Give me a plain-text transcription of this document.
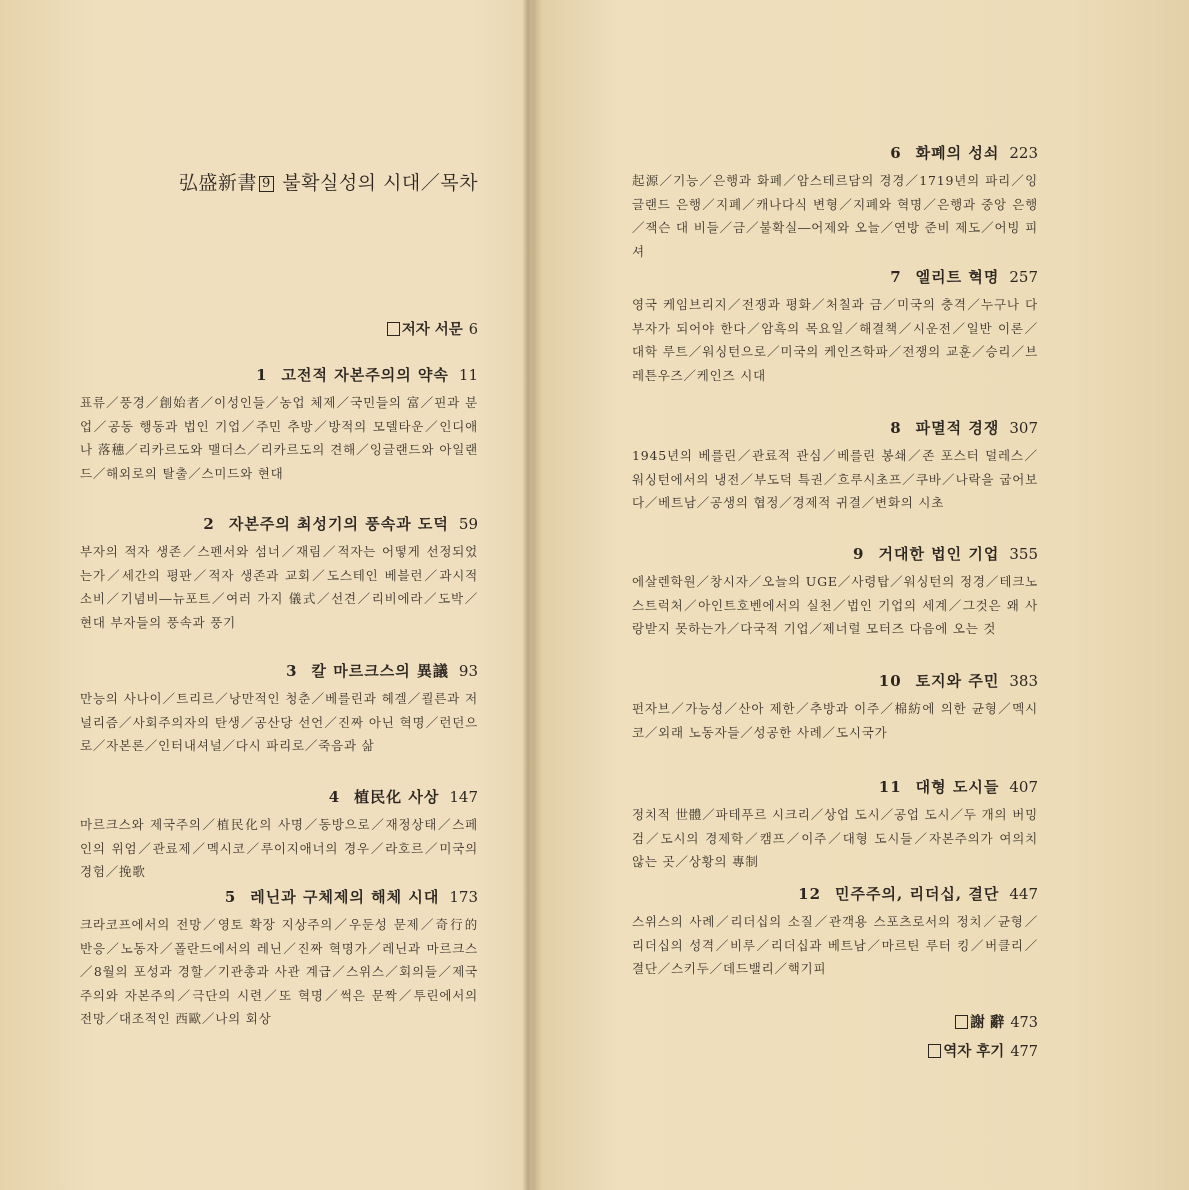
弘盛新書 9 불확실성의 시대／목차
저자 서문 6
1 고전적 자본주의의 약속 11
표류／풍경／創始者／이성인들／농업 체제／국민들의 富／핀과 분업／공동 행동과 법인 기업／주민 추방／방적의 모델타운／인디애나 落穗／리카르도와 맬더스／리카르도의 견해／잉글랜드와 아일랜드／해외로의 탈출／스미드와 현대
2 자본주의 최성기의 풍속과 도덕 59
부자의 적자 생존／스펜서와 섬너／재림／적자는 어떻게 선정되었는가／세간의 평판／적자 생존과 교회／도스테인 베블런／과시적 소비／기념비―뉴포트／여러 가지 儀式／선견／리비에라／도박／현대 부자들의 풍속과 풍기
3 칼 마르크스의 異議 93
만능의 사나이／트리르／낭만적인 청춘／베를린과 헤겔／쾰른과 저널리즘／사회주의자의 탄생／공산당 선언／진짜 아닌 혁명／런던으로／자본론／인터내셔널／다시 파리로／죽음과 삶
4 植民化 사상 147
마르크스와 제국주의／植民化의 사명／동방으로／재정상태／스페인의 위엄／관료제／멕시코／루이지애너의 경우／라호르／미국의 경험／挽歌
5 레닌과 구체제의 해체 시대 173
크라코프에서의 전망／영토 확장 지상주의／우둔성 문제／奇行的 반응／노동자／폴란드에서의 레닌／진짜 혁명가／레닌과 마르크스／8월의 포성과 경할／기관총과 사관 계급／스위스／회의들／제국주의와 자본주의／극단의 시련／또 혁명／썩은 문짝／투린에서의 전망／대조적인 西歐／나의 회상
6 화폐의 성쇠 223
起源／기능／은행과 화폐／암스테르담의 경경／1719년의 파리／잉글랜드 은행／지폐／캐나다식 변형／지폐와 혁명／은행과 중앙 은행／잭슨 대 비들／금／불확실―어제와 오늘／연방 준비 제도／어빙 피셔
7 엘리트 혁명 257
영국 케임브리지／전쟁과 평화／처칠과 금／미국의 충격／누구나 다 부자가 되어야 한다／암흑의 목요일／해결책／시운전／일반 이론／대학 루트／워싱턴으로／미국의 케인즈학파／전쟁의 교훈／승리／브레튼우즈／케인즈 시대
8 파멸적 경쟁 307
1945년의 베를린／관료적 관심／베를린 봉쇄／존 포스터 덜레스／워싱턴에서의 냉전／부도덕 특권／흐루시초프／쿠바／나락을 굽어보다／베트남／공생의 협정／경제적 귀결／변화의 시초
9 거대한 법인 기업 355
에살렌학원／창시자／오늘의 UGE／사령탑／워싱턴의 정경／테크노스트럭처／아인트호벤에서의 실천／법인 기업의 세계／그것은 왜 사랑받지 못하는가／다국적 기업／제너럴 모터즈 다음에 오는 것
10 토지와 주민 383
펀자브／가능성／산아 제한／추방과 이주／棉紡에 의한 균형／멕시코／외래 노동자들／성공한 사례／도시국가
11 대형 도시들 407
정치적 世體／파테푸르 시크리／상업 도시／공업 도시／두 개의 버밍검／도시의 경제학／캠프／이주／대형 도시들／자본주의가 여의치 않는 곳／상황의 專制
12 민주주의, 리더십, 결단 447
스위스의 사례／리더십의 소질／관객용 스포츠로서의 정치／균형／리더십의 성격／비루／리더십과 베트남／마르틴 루터 킹／버클리／결단／스키두／데드밸리／핵기피
謝 辭 473
역자 후기 477
